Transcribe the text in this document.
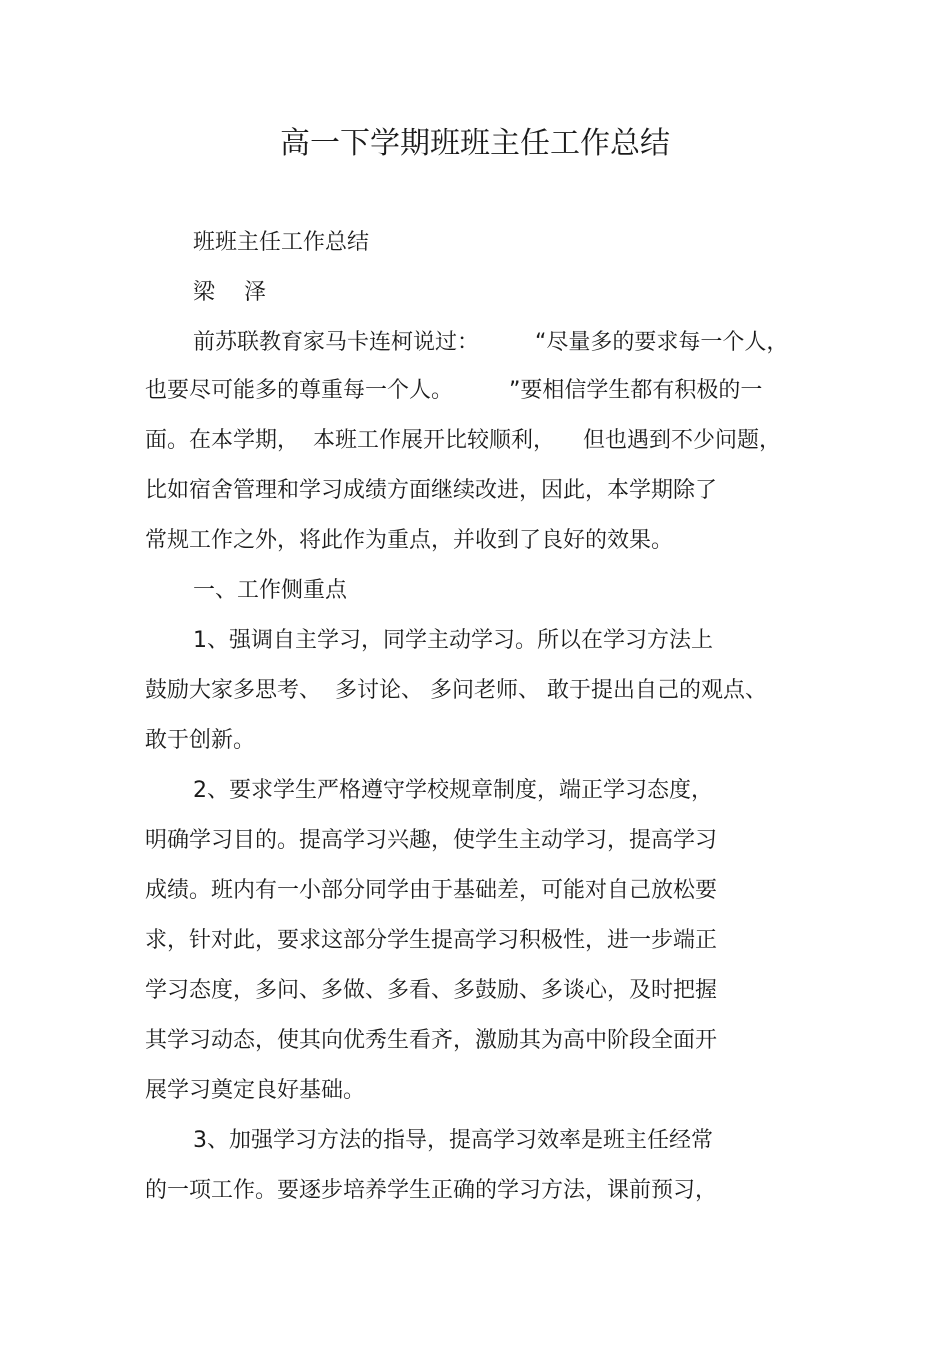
高一下学期班班主任工作总结
班班主任工作总结
梁　 泽
前苏联教育家马卡连柯说过：        “尽量多的要求每一个人，
也要尽可能多的尊重每一个人。        ”要相信学生都有积极的一
面。在本学期，  本班工作展开比较顺利，    但也遇到不少问题，
比如宿舍管理和学习成绩方面继续改进，因此，本学期除了
常规工作之外，将此作为重点，并收到了良好的效果。
一、工作侧重点
1、强调自主学习，同学主动学习。所以在学习方法上
鼓励大家多思考、  多讨论、 多问老师、 敢于提出自己的观点、
敢于创新。
2、要求学生严格遵守学校规章制度，端正学习态度，
明确学习目的。提高学习兴趣，使学生主动学习，提高学习
成绩。班内有一小部分同学由于基础差，可能对自己放松要
求，针对此，要求这部分学生提高学习积极性，进一步端正
学习态度，多问、多做、多看、多鼓励、多谈心，及时把握
其学习动态，使其向优秀生看齐，激励其为高中阶段全面开
展学习奠定良好基础。
3、加强学习方法的指导，提高学习效率是班主任经常
的一项工作。要逐步培养学生正确的学习方法，课前预习，
